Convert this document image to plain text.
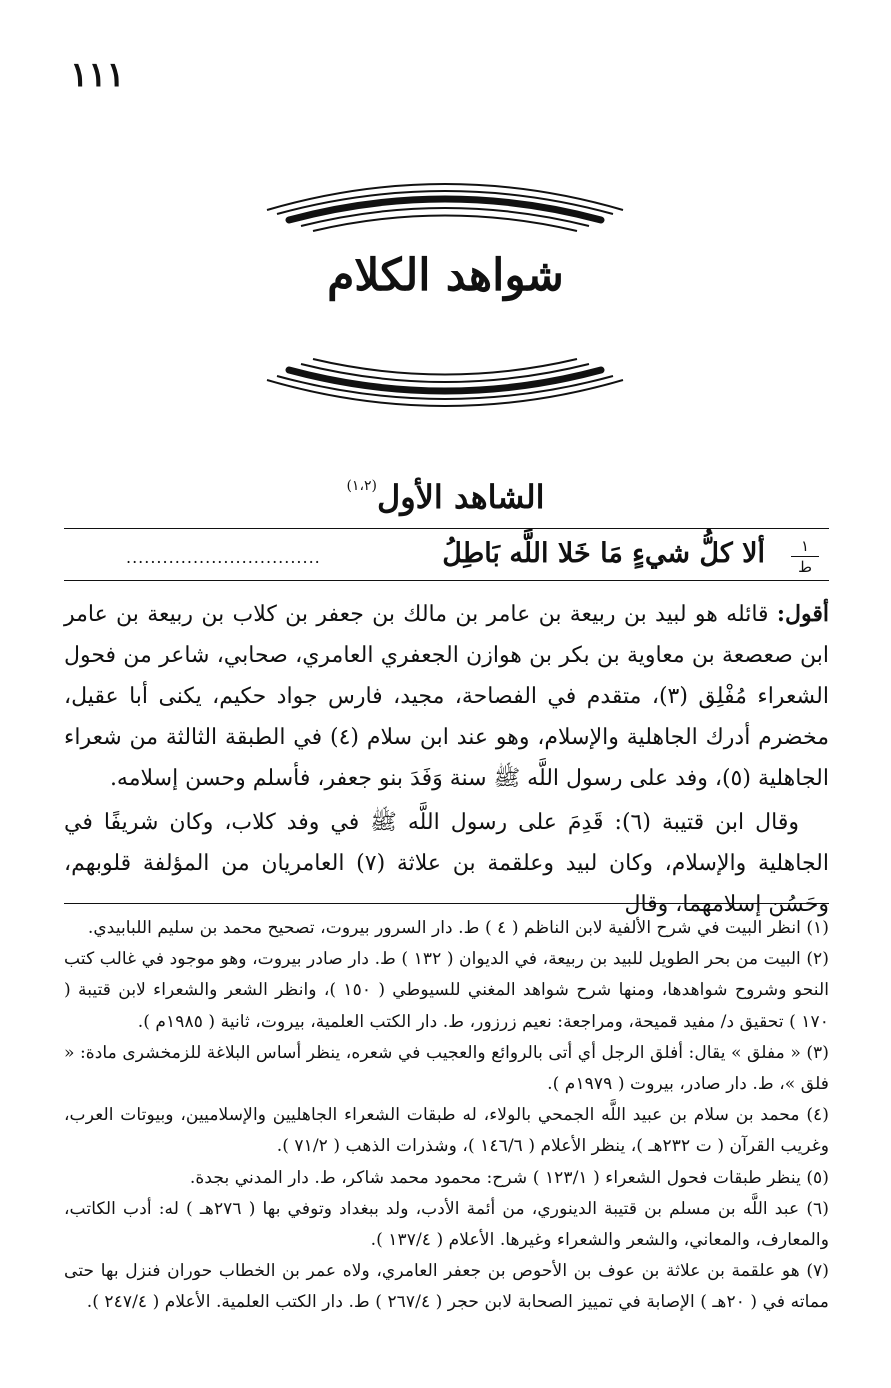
١١١
شواهد الكلام
الشاهد الأول$^{(١،٢)}$
١
ط
ألا كلُّ شيءٍ مَا خَلا اللَّه بَاطِلُ
................................

أقول: قائله هو لبيد بن ربيعة بن عامر بن مالك بن جعفر بن كلاب بن ربيعة بن عامر ابن صعصعة بن معاوية بن بكر بن هوازن الجعفري العامري، صحابي، شاعر من فحول الشعراء مُفْلِق (٣)، متقدم في الفصاحة، مجيد، فارس جواد حكيم، يكنى أبا عقيل، مخضرم أدرك الجاهلية والإسلام، وهو عند ابن سلام (٤) في الطبقة الثالثة من شعراء الجاهلية (٥)، وفد على رسول اللَّه ﷺ سنة وَفَدَ بنو جعفر، فأسلم وحسن إسلامه.

وقال ابن قتيبة (٦): قَدِمَ على رسول اللَّه ﷺ في وفد كلاب، وكان شريفًا في الجاهلية والإسلام، وكان لبيد وعلقمة بن علاثة (٧) العامريان من المؤلفة قلوبهم، وحَسُن إسلامهما، وقال

(١) انظر البيت في شرح الألفية لابن الناظم ( ٤ ) ط. دار السرور بيروت، تصحيح محمد بن سليم اللبابيدي.

(٢) البيت من بحر الطويل للبيد بن ربيعة، في الديوان ( ١٣٢ ) ط. دار صادر بيروت، وهو موجود في غالب كتب النحو وشروح شواهدها، ومنها شرح شواهد المغني للسيوطي ( ١٥٠ )، وانظر الشعر والشعراء لابن قتيبة ( ١٧٠ ) تحقيق د/ مفيد قميحة، ومراجعة: نعيم زرزور، ط. دار الكتب العلمية، بيروت، ثانية ( ١٩٨٥م ).

(٣) « مفلق » يقال: أفلق الرجل أي أتى بالروائع والعجيب في شعره، ينظر أساس البلاغة للزمخشرى مادة: « فلق »، ط. دار صادر، بيروت ( ١٩٧٩م ).

(٤) محمد بن سلام بن عبيد اللَّه الجمحي بالولاء، له طبقات الشعراء الجاهليين والإسلاميين، وبيوتات العرب، وغريب القرآن ( ت ٢٣٢هـ )، ينظر الأعلام ( ١٤٦/٦ )، وشذرات الذهب ( ٧١/٢ ).

(٥) ينظر طبقات فحول الشعراء ( ١٢٣/١ ) شرح: محمود محمد شاكر، ط. دار المدني بجدة.

(٦) عبد اللَّه بن مسلم بن قتيبة الدينوري، من أئمة الأدب، ولد ببغداد وتوفي بها ( ٢٧٦هـ ) له: أدب الكاتب، والمعارف، والمعاني، والشعر والشعراء وغيرها. الأعلام ( ١٣٧/٤ ).

(٧) هو علقمة بن علاثة بن عوف بن الأحوص بن جعفر العامري، ولاه عمر بن الخطاب حوران فنزل بها حتى مماته في ( ٢٠هـ ) الإصابة في تمييز الصحابة لابن حجر ( ٢٦٧/٤ ) ط. دار الكتب العلمية. الأعلام ( ٢٤٧/٤ ).
